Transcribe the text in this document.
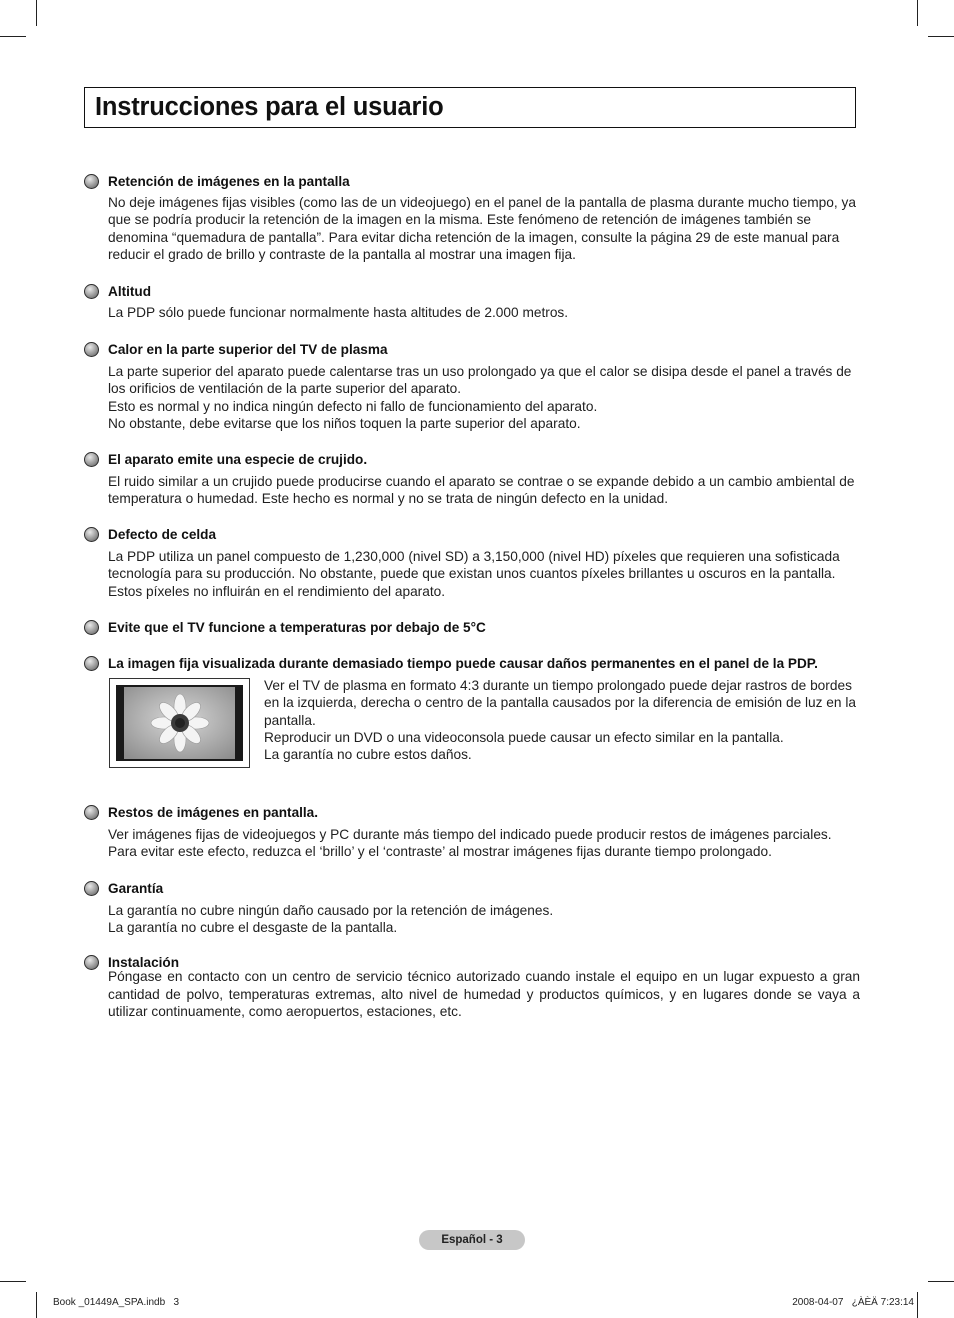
Instrucciones para el usuario
Retención de imágenes en la pantalla

No deje imágenes fijas visibles (como las de un videojuego) en el panel de la pantalla de plasma durante mucho tiempo, ya que se podría producir la retención de la imagen en la misma. Este fenómeno de retención de imágenes también se denomina “quemadura de pantalla”. Para evitar dicha retención de la imagen, consulte la página 29 de este manual para reducir el grado de brillo y contraste de la pantalla al mostrar una imagen fija.

Altitud

La PDP sólo puede funcionar normalmente hasta altitudes de 2.000 metros.

Calor en la parte superior del TV de plasma

La parte superior del aparato puede calentarse tras un uso prolongado ya que el calor se disipa desde el panel a través de los orificios de ventilación de la parte superior del aparato.

Esto es normal y no indica ningún defecto ni fallo de funcionamiento del aparato.

No obstante, debe evitarse que los niños toquen la parte superior del aparato.

El aparato emite una especie de crujido.

El ruido similar a un crujido puede producirse cuando el aparato se contrae o se expande debido a un cambio ambiental de temperatura o humedad. Este hecho es normal y no se trata de ningún defecto en la unidad.

Defecto de celda

La PDP utiliza un panel compuesto de 1,230,000 (nivel SD) a 3,150,000 (nivel HD) píxeles que requieren una sofisticada tecnología para su producción. No obstante, puede que existan unos cuantos píxeles brillantes u oscuros en la pantalla. Estos píxeles no influirán en el rendimiento del aparato.

Evite que el TV funcione a temperaturas por debajo de 5°C
La imagen fija visualizada durante demasiado tiempo puede causar daños permanentes en el panel de la PDP.

Ver el TV de plasma en formato 4:3 durante un tiempo prolongado puede dejar rastros de bordes en la izquierda, derecha o centro de la pantalla causados por la diferencia de emisión de luz en la pantalla.

Reproducir un DVD o una videoconsola puede causar un efecto similar en la pantalla.

La garantía no cubre estos daños.

Restos de imágenes en pantalla.

Ver imágenes fijas de videojuegos y PC durante más tiempo del indicado puede producir restos de imágenes parciales.

Para evitar este efecto, reduzca el ‘brillo’ y el ‘contraste’ al mostrar imágenes fijas durante tiempo prolongado.

Garantía

La garantía no cubre ningún daño causado por la retención de imágenes.

La garantía no cubre el desgaste de la pantalla.

Instalación

Póngase en contacto con un centro de servicio técnico autorizado cuando instale el equipo en un lugar expuesto a gran cantidad de polvo, temperaturas extremas, alto nivel de humedad y productos químicos, y en lugares donde se vaya a utilizar continuamente, como aeropuertos, estaciones, etc.

Español - 3
Book _01449A_SPA.indb   3	2008-04-07   ¿ÀÈÄ 7:23:14
